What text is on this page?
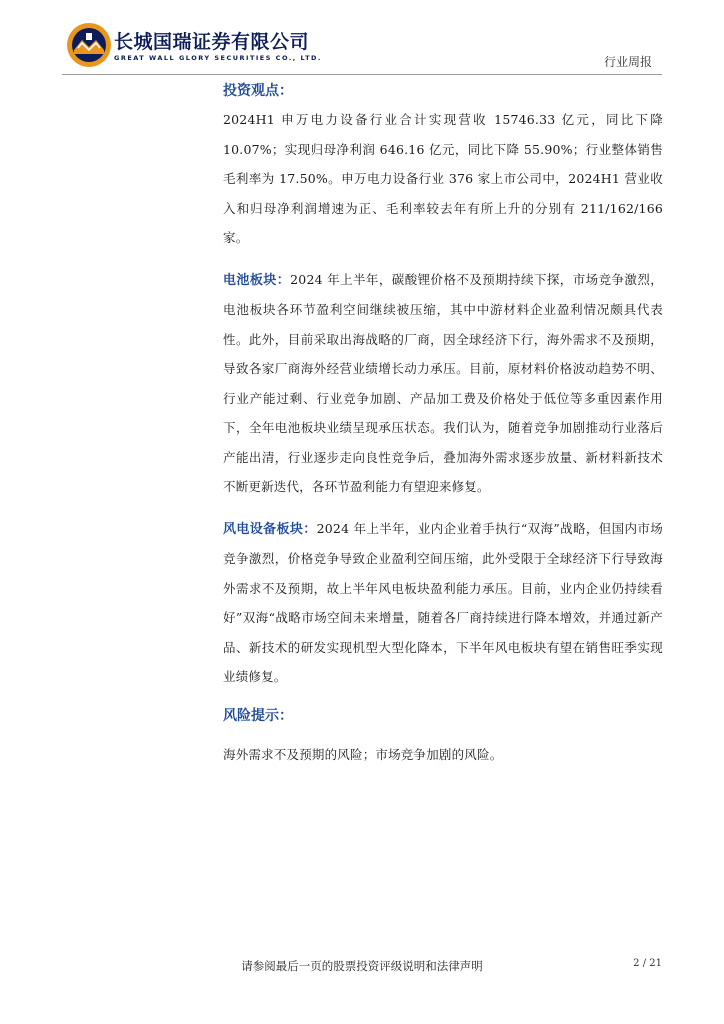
长城国瑞证券有限公司
GREAT WALL GLORY SECURITIES CO., LTD.	行业周报
投资观点：

2024H1 申万电力设备行业合计实现营收 15746.33 亿元，同比下降 10.07%；实现归母净利润 646.16 亿元，同比下降 55.90%；行业整体销售毛利率为 17.50%。申万电力设备行业 376 家上市公司中，2024H1 营业收入和归母净利润增速为正、毛利率较去年有所上升的分别有 211/162/166 家。

电池板块：2024 年上半年，碳酸锂价格不及预期持续下探，市场竞争激烈，电池板块各环节盈利空间继续被压缩，其中中游材料企业盈利情况颇具代表性。此外，目前采取出海战略的厂商，因全球经济下行，海外需求不及预期，导致各家厂商海外经营业绩增长动力承压。目前，原材料价格波动趋势不明、行业产能过剩、行业竞争加剧、产品加工费及价格处于低位等多重因素作用下，全年电池板块业绩呈现承压状态。我们认为，随着竞争加剧推动行业落后产能出清，行业逐步走向良性竞争后，叠加海外需求逐步放量、新材料新技术不断更新迭代，各环节盈利能力有望迎来修复。

风电设备板块：2024 年上半年，业内企业着手执行“双海”战略，但国内市场竞争激烈，价格竞争导致企业盈利空间压缩，此外受限于全球经济下行导致海外需求不及预期，故上半年风电板块盈利能力承压。目前，业内企业仍持续看好”双海“战略市场空间未来增量，随着各厂商持续进行降本增效，并通过新产品、新技术的研发实现机型大型化降本，下半年风电板块有望在销售旺季实现业绩修复。

风险提示：

海外需求不及预期的风险；市场竞争加剧的风险。

请参阅最后一页的股票投资评级说明和法律声明	2 / 21
